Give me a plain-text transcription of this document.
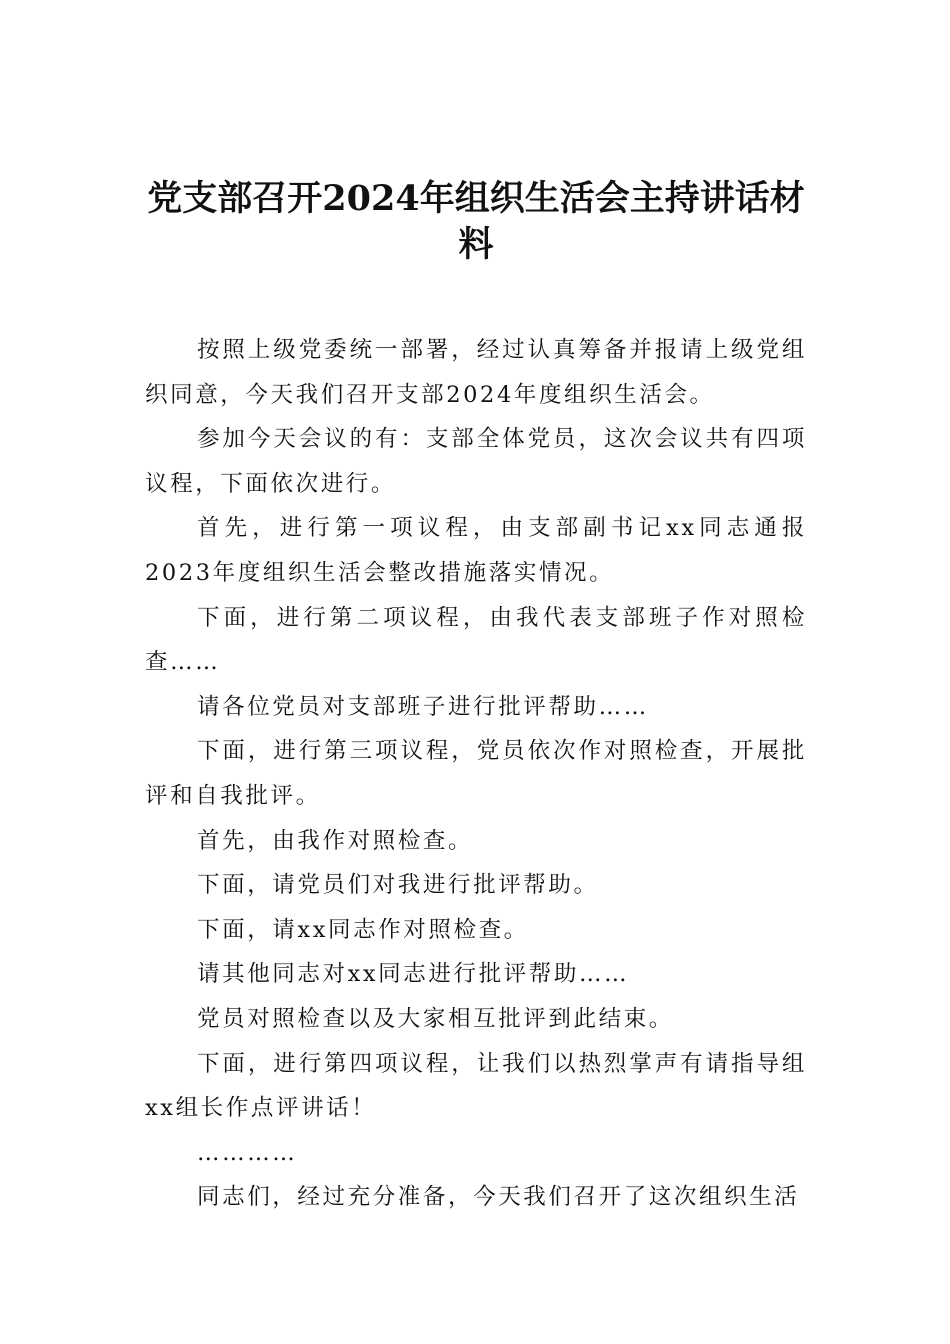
党支部召开2024年组织生活会主持讲话材料

按照上级党委统一部署，经过认真筹备并报请上级党组织同意，今天我们召开支部2024年度组织生活会。

参加今天会议的有：支部全体党员，这次会议共有四项议程，下面依次进行。

首先，进行第一项议程，由支部副书记xx同志通报2023年度组织生活会整改措施落实情况。

下面，进行第二项议程，由我代表支部班子作对照检查……

请各位党员对支部班子进行批评帮助……

下面，进行第三项议程，党员依次作对照检查，开展批评和自我批评。

首先，由我作对照检查。

下面，请党员们对我进行批评帮助。

下面，请xx同志作对照检查。

请其他同志对xx同志进行批评帮助……

党员对照检查以及大家相互批评到此结束。

下面，进行第四项议程，让我们以热烈掌声有请指导组xx组长作点评讲话！

…………

同志们，经过充分准备，今天我们召开了这次组织生活
